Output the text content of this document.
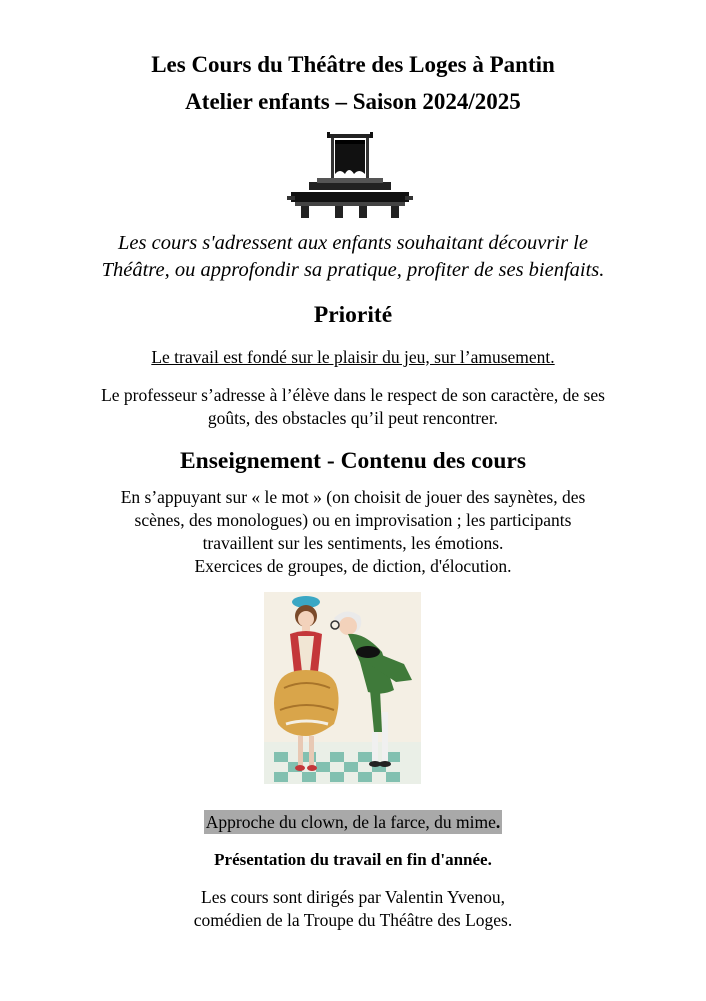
Les Cours du Théâtre des Loges à Pantin
Atelier enfants – Saison 2024/2025
Les cours s'adressent aux enfants souhaitant découvrir le
Théâtre, ou approfondir sa pratique, profiter de ses bienfaits.
Priorité
Le travail est fondé sur le plaisir du jeu, sur l’amusement.
Le professeur s’adresse à l’élève dans le respect de son caractère, de ses
goûts, des obstacles qu’il peut rencontrer.
Enseignement - Contenu des cours
En s’appuyant sur « le mot » (on choisit de jouer des saynètes, des
scènes, des monologues) ou en improvisation ; les participants
travaillent sur les sentiments, les émotions.
Exercices de groupes, de diction, d'élocution.
Approche du clown, de la farce, du mime.
Présentation du travail en fin d'année.
Les cours sont dirigés par Valentin Yvenou,
comédien de la Troupe du Théâtre des Loges.
